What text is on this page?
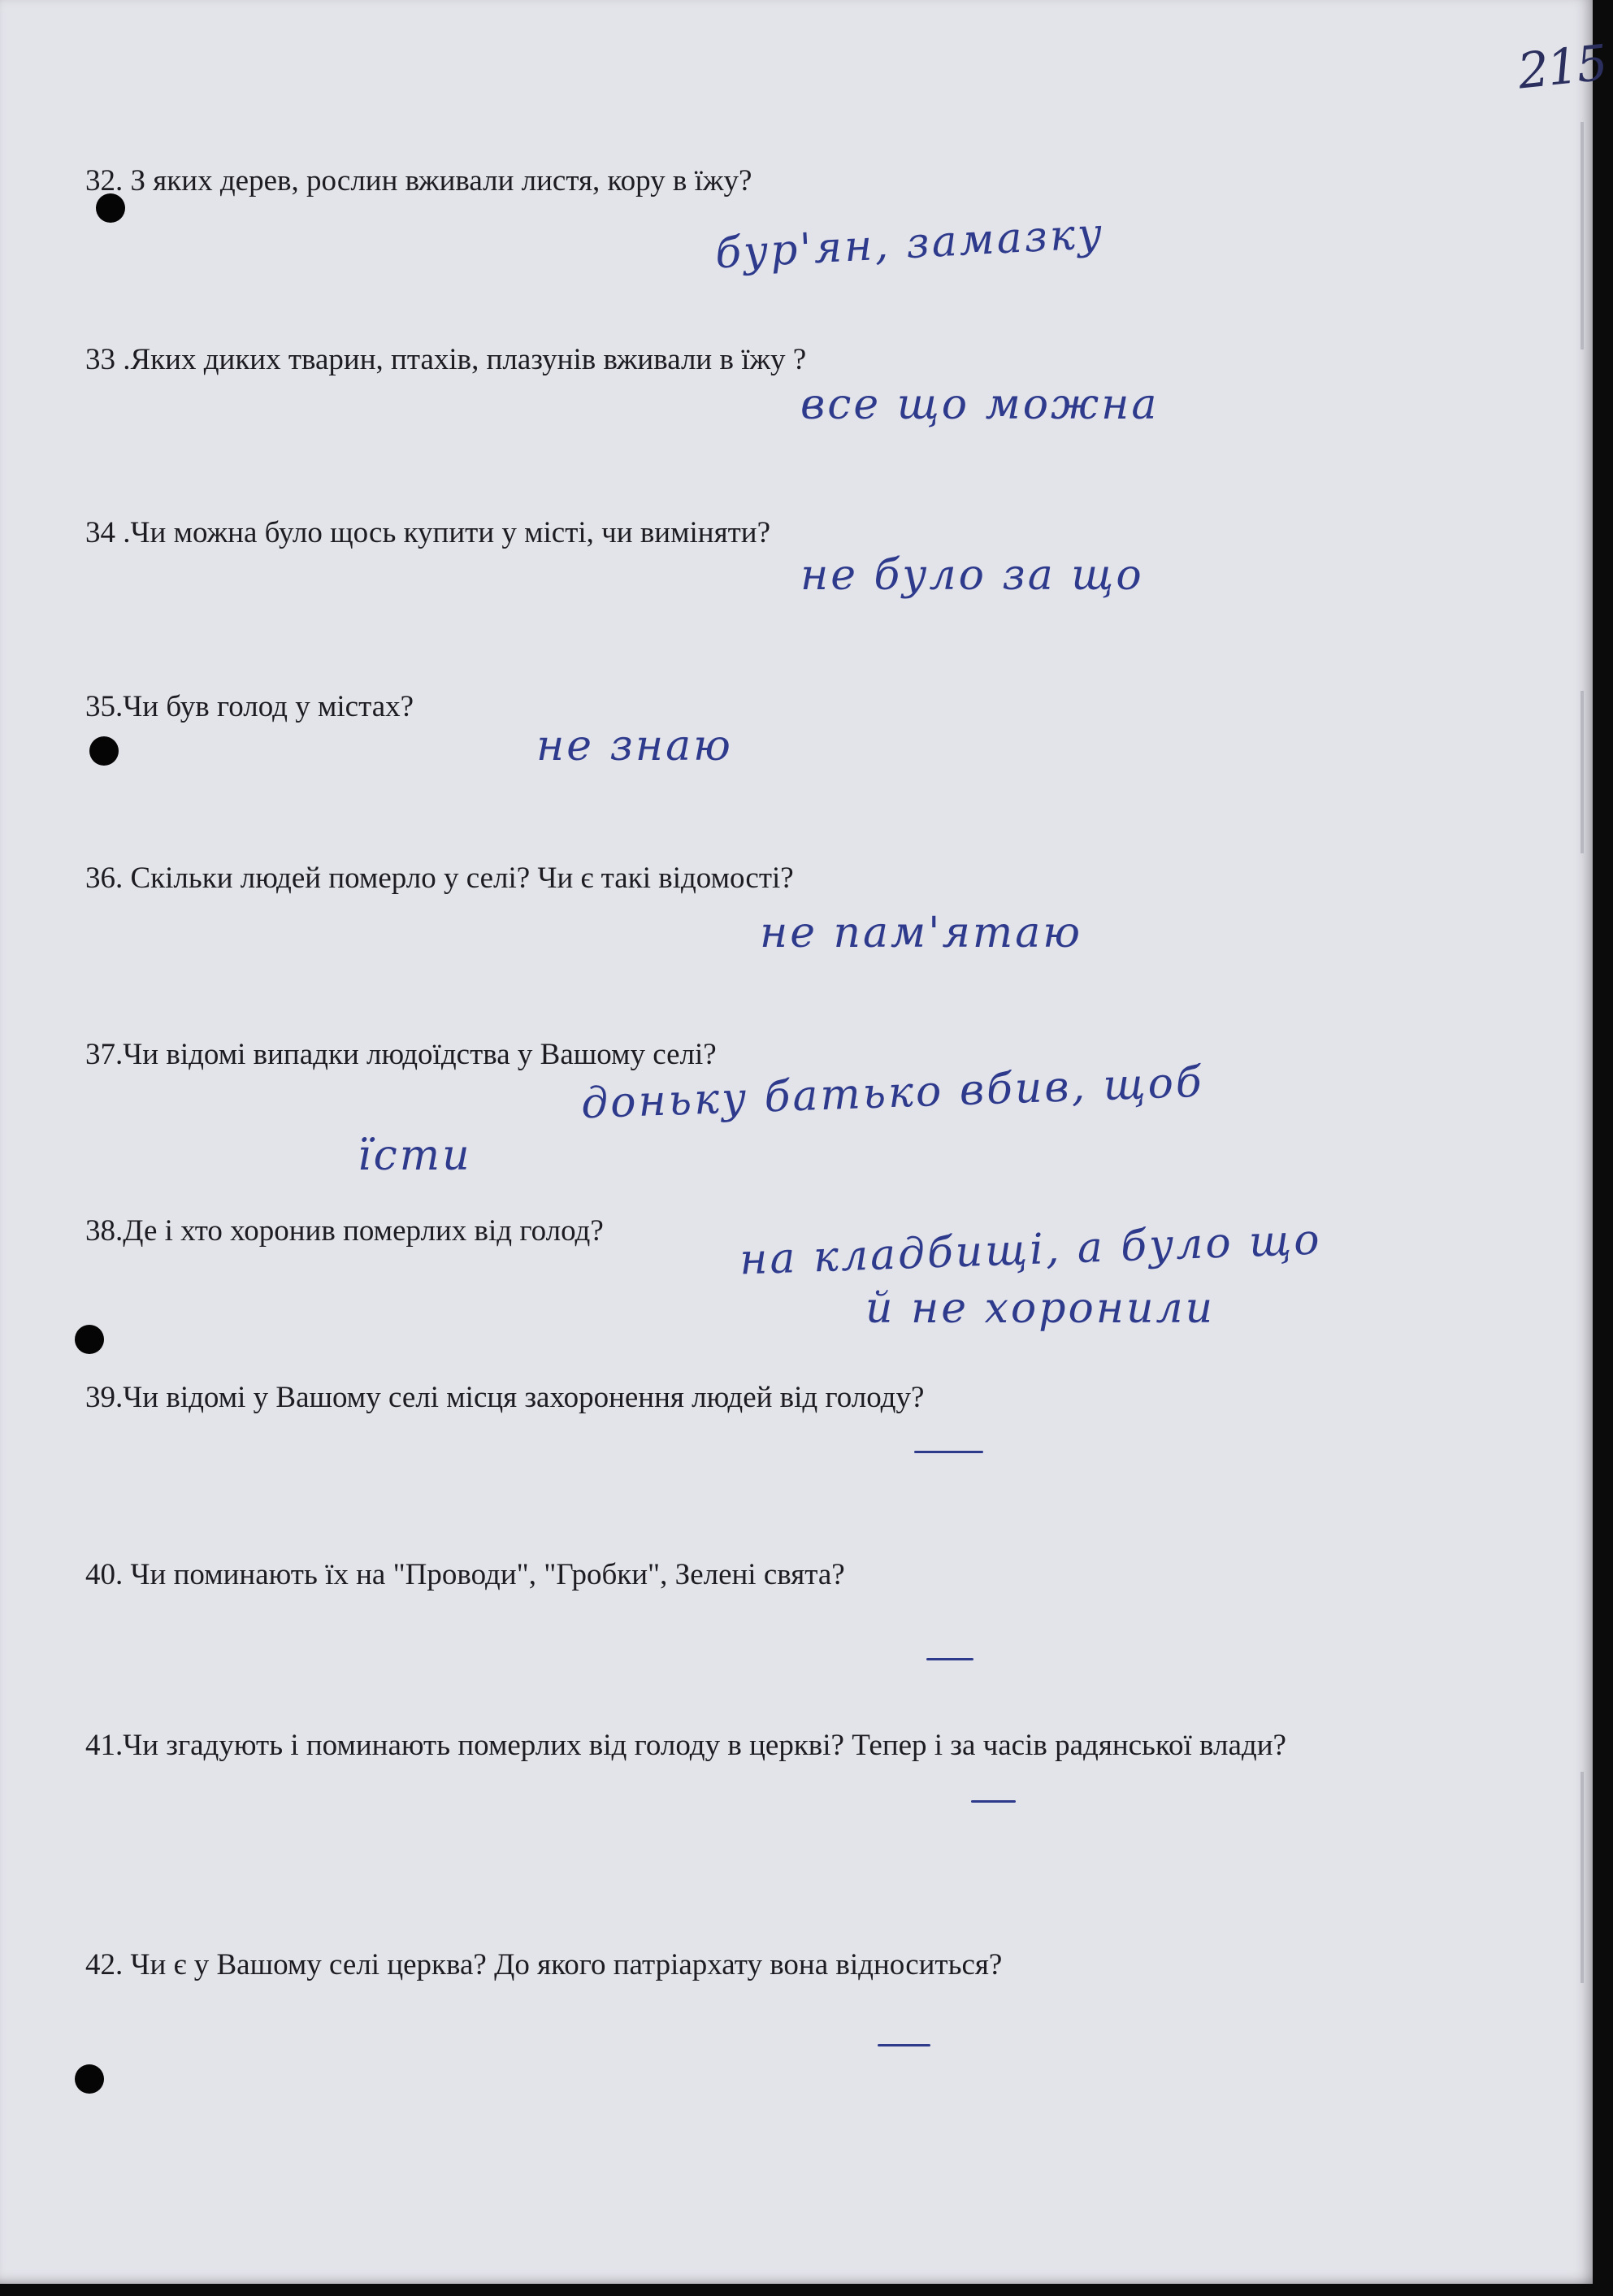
215

32. З яких дерев, рослин вживали листя, кору в їжу?

бур'ян, замазку

33 .Яких диких тварин, птахів, плазунів вживали в їжу ?

все що можна

34 .Чи можна було щось купити у місті, чи виміняти?

не було за що

35.Чи був голод у містах?

не знаю

36. Скільки людей померло у селі? Чи є такі відомості?

не пам'ятаю

37.Чи відомі випадки людоїдства у Вашому селі?

доньку батько вбив, щоб
їсти

38.Де і хто хоронив померлих від голод?	на кладбищі, а було що
й не хоронили

39.Чи відомі у Вашому селі місця захоронення людей від голоду?

40. Чи поминають їх на "Проводи", "Гробки", Зелені свята?

41.Чи згадують і поминають померлих від голоду в церкві? Тепер і за часів радянської влади?

42. Чи є у Вашому селі церква? До якого патріархату вона відноситься?
